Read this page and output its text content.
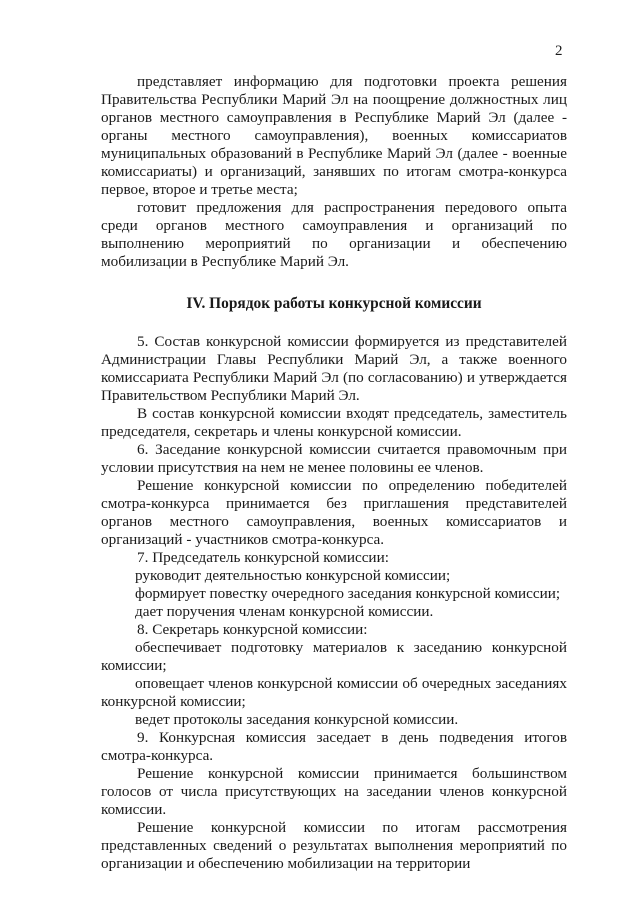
2

представляет информацию для подготовки проекта решения Правительства Республики Марий Эл на поощрение должностных лиц органов местного самоуправления в Республике Марий Эл (далее - органы местного самоуправления), военных комиссариатов муниципальных образований в Республике Марий Эл (далее - военные комиссариаты) и организаций, занявших по итогам смотра-конкурса первое, второе и третье места;

готовит предложения для распространения передового опыта среди органов местного самоуправления и организаций по выполнению мероприятий по организации и обеспечению мобилизации в Республике Марий Эл.

IV. Порядок работы конкурсной комиссии

5. Состав конкурсной комиссии формируется из представителей Администрации Главы Республики Марий Эл, а также военного комиссариата Республики Марий Эл (по согласованию) и утверждается Правительством Республики Марий Эл.

В состав конкурсной комиссии входят председатель, заместитель председателя, секретарь и члены конкурсной комиссии.

6. Заседание конкурсной комиссии считается правомочным при условии присутствия на нем не менее половины ее членов.

Решение конкурсной комиссии по определению победителей смотра-конкурса принимается без приглашения представителей органов местного самоуправления, военных комиссариатов и организаций - участников смотра-конкурса.

7. Председатель конкурсной комиссии:

руководит деятельностью конкурсной комиссии;

формирует повестку очередного заседания конкурсной комиссии;

дает поручения членам конкурсной комиссии.

8. Секретарь конкурсной комиссии:

обеспечивает подготовку материалов к заседанию конкурсной комиссии;

оповещает членов конкурсной комиссии об очередных заседаниях конкурсной комиссии;

ведет протоколы заседания конкурсной комиссии.

9. Конкурсная комиссия заседает в день подведения итогов смотра-конкурса.

Решение конкурсной комиссии принимается большинством голосов от числа присутствующих на заседании членов конкурсной комиссии.

Решение конкурсной комиссии по итогам рассмотрения представленных сведений о результатах выполнения мероприятий по организации и обеспечению мобилизации на территории
